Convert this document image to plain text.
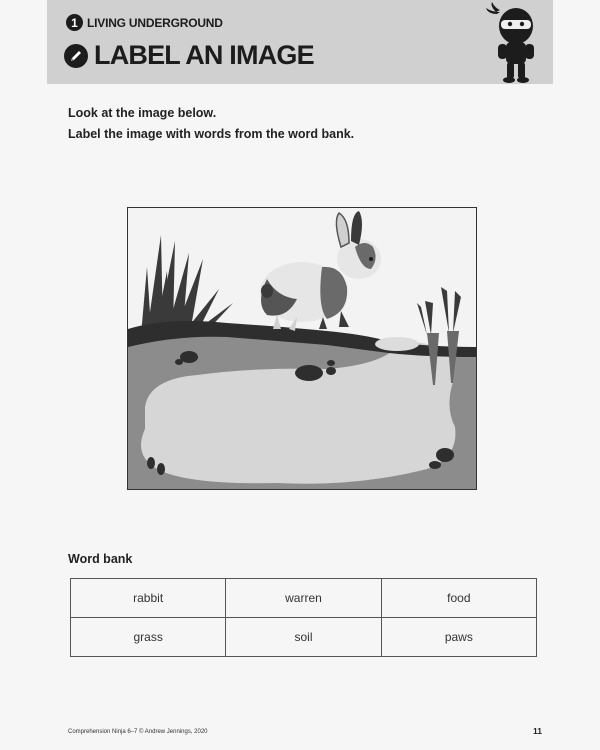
1 LIVING UNDERGROUND
LABEL AN IMAGE

Look at the image below.

Label the image with words from the word bank.

Word bank
rabbit	warren	food
grass	soil	paws
Comprehension Ninja 6–7 © Andrew Jennings, 2020	11
